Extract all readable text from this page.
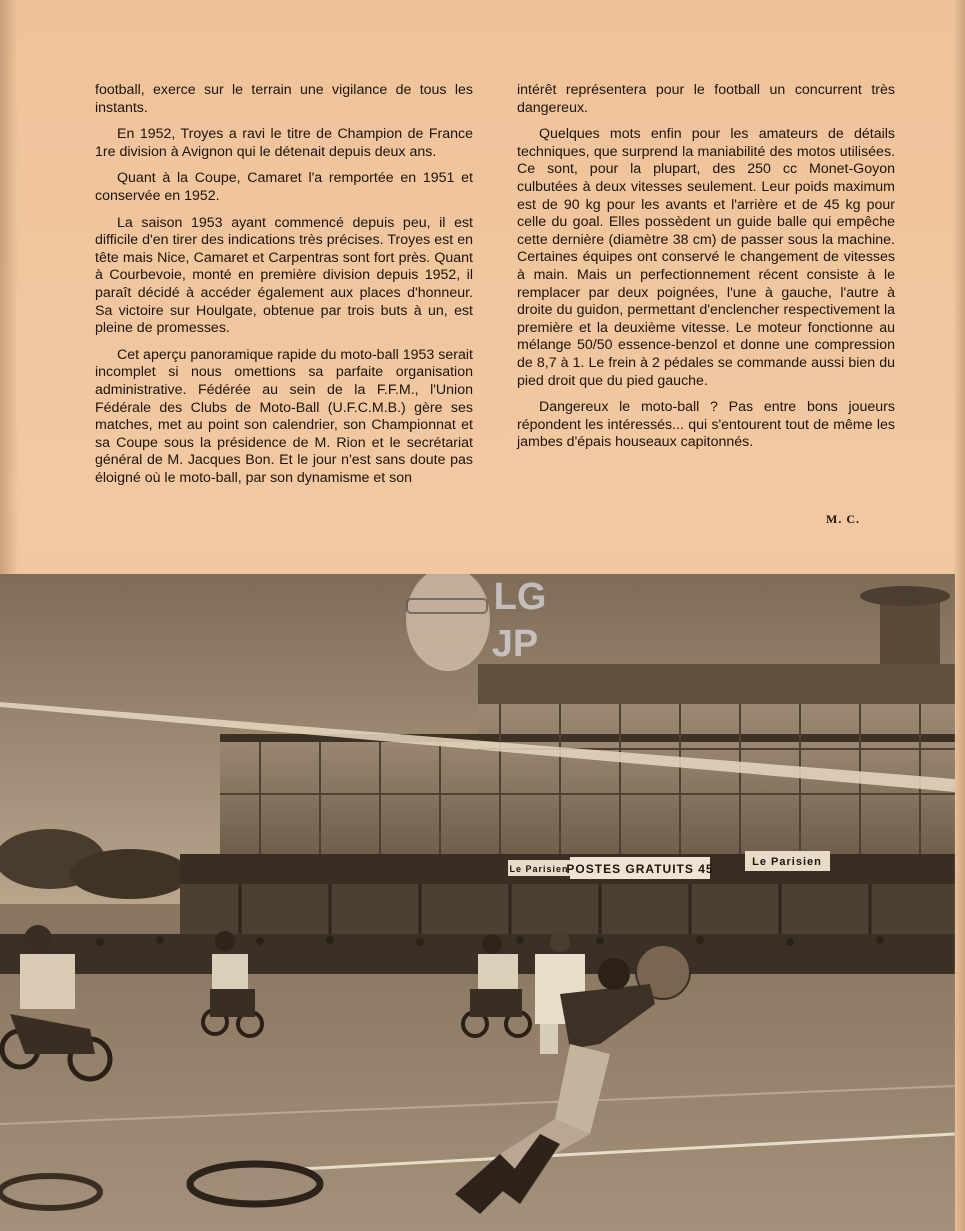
football, exerce sur le terrain une vigilance de tous les instants.

En 1952, Troyes a ravi le titre de Champion de France 1re division à Avignon qui le détenait depuis deux ans.

Quant à la Coupe, Camaret l'a remportée en 1951 et conservée en 1952.

La saison 1953 ayant commencé depuis peu, il est difficile d'en tirer des indications très précises. Troyes est en tête mais Nice, Camaret et Carpentras sont fort près. Quant à Courbevoie, monté en première division depuis 1952, il paraît décidé à accéder également aux places d'honneur. Sa victoire sur Houlgate, obtenue par trois buts à un, est pleine de promesses.

Cet aperçu panoramique rapide du moto-ball 1953 serait incomplet si nous omettions sa parfaite organisation administrative. Fédérée au sein de la F.F.M., l'Union Fédérale des Clubs de Moto-Ball (U.F.C.M.B.) gère ses matches, met au point son calendrier, son Championnat et sa Coupe sous la présidence de M. Rion et le secrétariat général de M. Jacques Bon. Et le jour n'est sans doute pas éloigné où le moto-ball, par son dynamisme et son

intérêt représentera pour le football un concurrent très dangereux.

Quelques mots enfin pour les amateurs de détails techniques, que surprend la maniabilité des motos utilisées. Ce sont, pour la plupart, des 250 cc Monet-Goyon culbutées à deux vitesses seulement. Leur poids maximum est de 90 kg pour les avants et l'arrière et de 45 kg pour celle du goal. Elles possèdent un guide balle qui empêche cette dernière (diamètre 38 cm) de passer sous la machine. Certaines équipes ont conservé le changement de vitesses à main. Mais un perfectionnement récent consiste à le remplacer par deux poignées, l'une à gauche, l'autre à droite du guidon, permettant d'enclencher respectivement la première et la deuxième vitesse. Le moteur fonctionne au mélange 50/50 essence-benzol et donne une compression de 8,7 à 1. Le frein à 2 pédales se commande aussi bien du pied droit que du pied gauche.

Dangereux le moto-ball ? Pas entre bons joueurs répondent les intéressés... qui s'entourent tout de même les jambes d'épais houseaux capitonnés.

M. C.
Le Parisien
POSTES GRATUITS 45	Le Parisien
LG
JP
